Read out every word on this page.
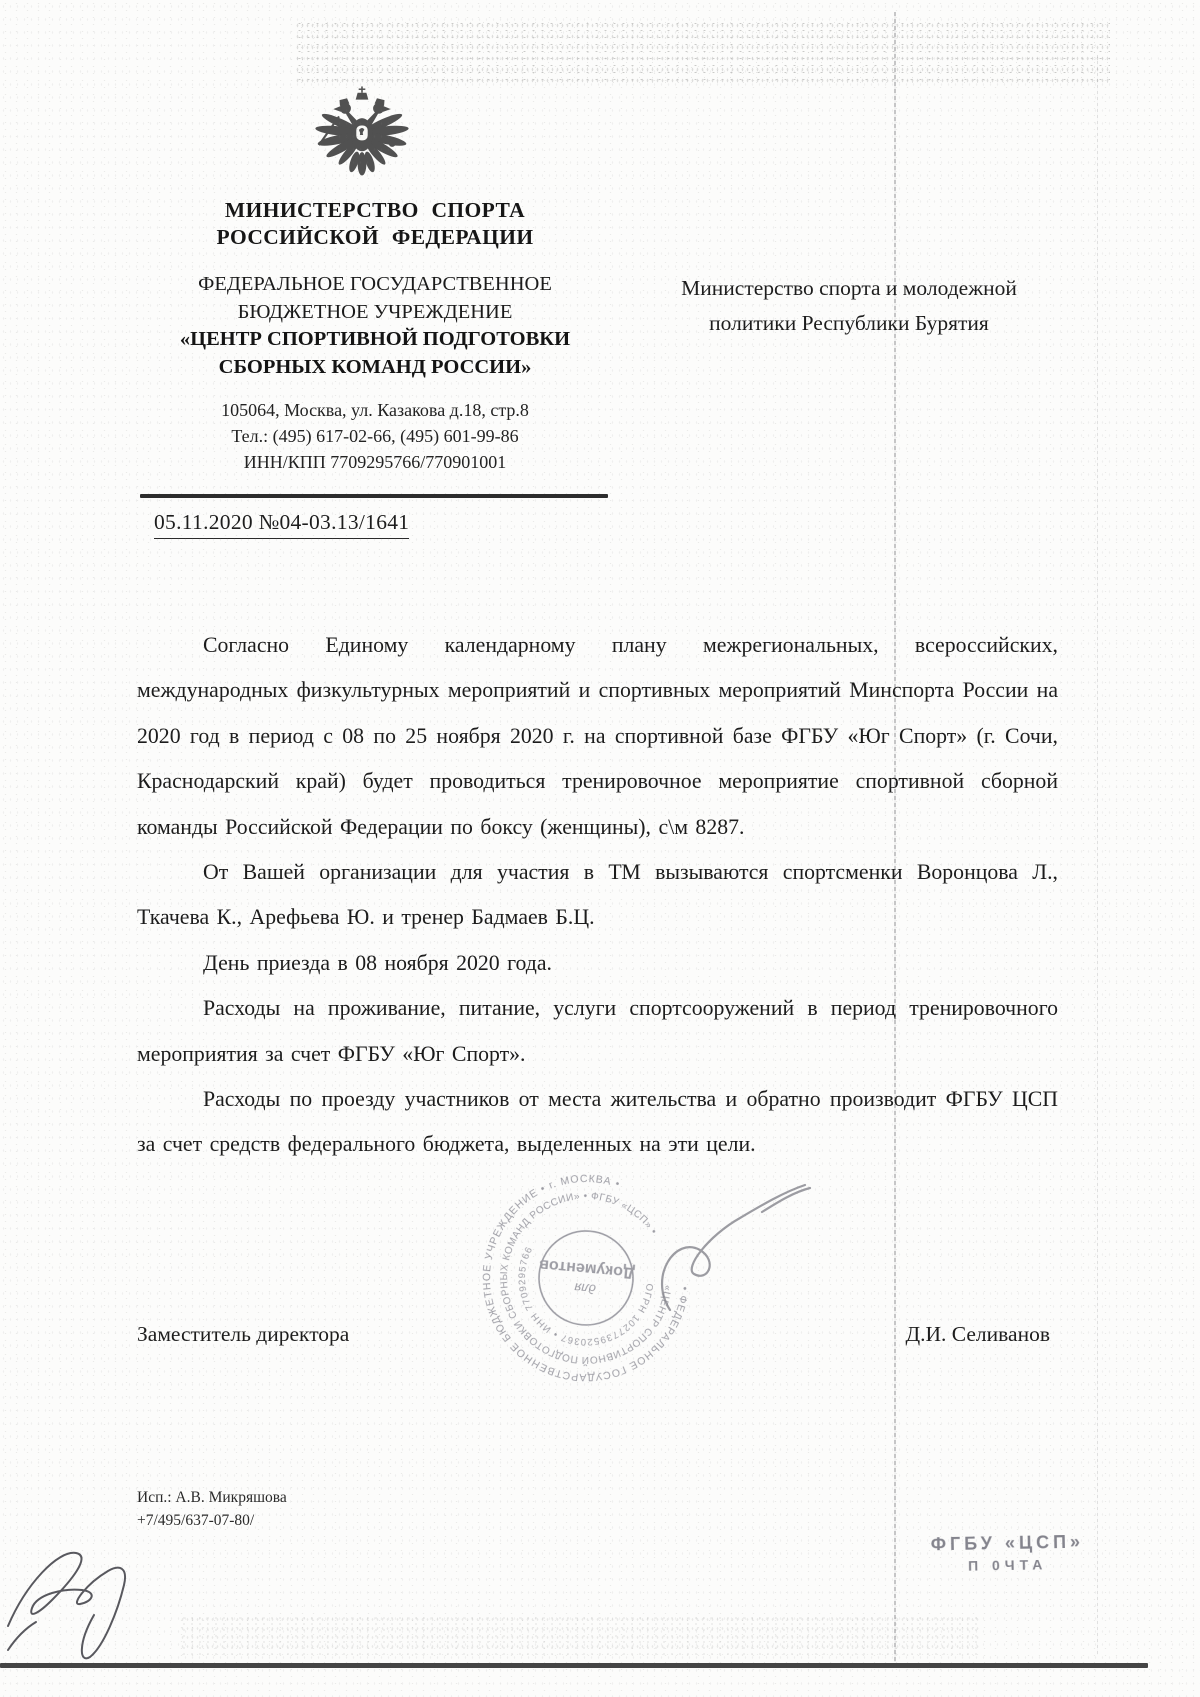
МИНИСТЕРСТВО СПОРТА
РОССИЙСКОЙ ФЕДЕРАЦИИ
ФЕДЕРАЛЬНОЕ ГОСУДАРСТВЕННОЕ
БЮДЖЕТНОЕ УЧРЕЖДЕНИЕ
«ЦЕНТР СПОРТИВНОЙ ПОДГОТОВКИ
СБОРНЫХ КОМАНД РОССИИ»
105064, Москва, ул. Казакова д.18, стр.8
Тел.: (495) 617-02-66, (495) 601-99-86
ИНН/КПП 7709295766/770901001
05.11.2020 №04-03.13/1641
Министерство спорта и молодежной
политики Республики Бурятия

Согласно Единому календарному плану межрегиональных, всероссийских, международных физкультурных мероприятий и спортивных мероприятий Минспорта России на 2020 год в период с 08 по 25 ноября 2020 г. на спортивной базе ФГБУ «Юг Спорт» (г. Сочи, Краснодарский край) будет проводиться тренировочное мероприятие спортивной сборной команды Российской Федерации по боксу (женщины), с\м 8287.

От Вашей организации для участия в ТМ вызываются спортсменки Воронцова Л., Ткачева К., Арефьева Ю. и тренер Бадмаев Б.Ц.

День приезда в 08 ноября 2020 года.

Расходы на проживание, питание, услуги спортсооружений в период тренировочного мероприятия за счет ФГБУ «Юг Спорт».

Расходы по проезду участников от места жительства и обратно производит ФГБУ ЦСП за счет средств федерального бюджета, выделенных на эти цели.

Заместитель директора	Д.И. Селиванов
• ФЕДЕРАЛЬНОЕ ГОСУДАРСТВЕННОЕ БЮДЖЕТНОЕ УЧРЕЖДЕНИЕ • г. МОСКВА •
«ЦЕНТР СПОРТИВНОЙ ПОДГОТОВКИ СБОРНЫХ КОМАНД РОССИИ» • ФГБУ «ЦСП» •
ОГРН 1027739520367 • ИНН 7709295766
для
Документов
Исп.: А.В. Микряшова
+7/495/637-07-80/
ФГБУ «ЦСП»
П 0ЧТА
